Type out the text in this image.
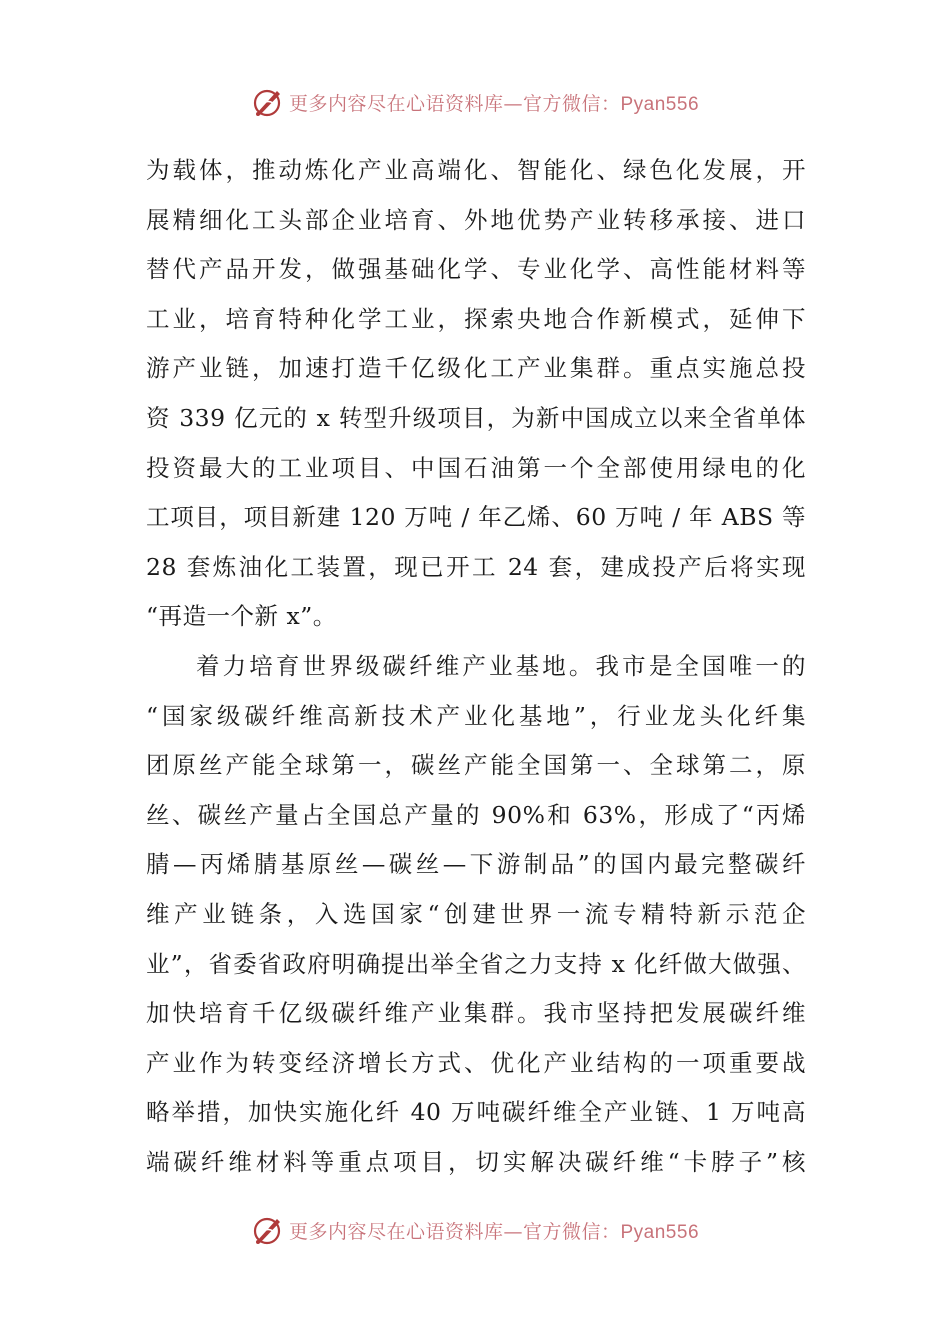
更多内容尽在心语资料库—官方微信：Pyan556
为载体，推动炼化产业高端化、智能化、绿色化发展，开
展精细化工头部企业培育、外地优势产业转移承接、进口
替代产品开发，做强基础化学、专业化学、高性能材料等
工业，培育特种化学工业，探索央地合作新模式，延伸下
游产业链，加速打造千亿级化工产业集群。重点实施总投
资 339 亿元的 x 转型升级项目，为新中国成立以来全省单体
投资最大的工业项目、中国石油第一个全部使用绿电的化
工项目，项目新建 120 万吨 / 年乙烯、60 万吨 / 年 ABS 等
28 套炼油化工装置，现已开工 24 套，建成投产后将实现
“再造一个新 x”。
着力培育世界级碳纤维产业基地。我市是全国唯一的
“国家级碳纤维高新技术产业化基地”，行业龙头化纤集
团原丝产能全球第一，碳丝产能全国第一、全球第二，原
丝、碳丝产量占全国总产量的 90%和 63%，形成了“丙烯
腈—丙烯腈基原丝—碳丝—下游制品”的国内最完整碳纤
维产业链条，入选国家“创建世界一流专精特新示范企
业”，省委省政府明确提出举全省之力支持 x 化纤做大做强、
加快培育千亿级碳纤维产业集群。我市坚持把发展碳纤维
产业作为转变经济增长方式、优化产业结构的一项重要战
略举措，加快实施化纤 40 万吨碳纤维全产业链、1 万吨高
端碳纤维材料等重点项目，切实解决碳纤维“卡脖子”核
更多内容尽在心语资料库—官方微信：Pyan556
